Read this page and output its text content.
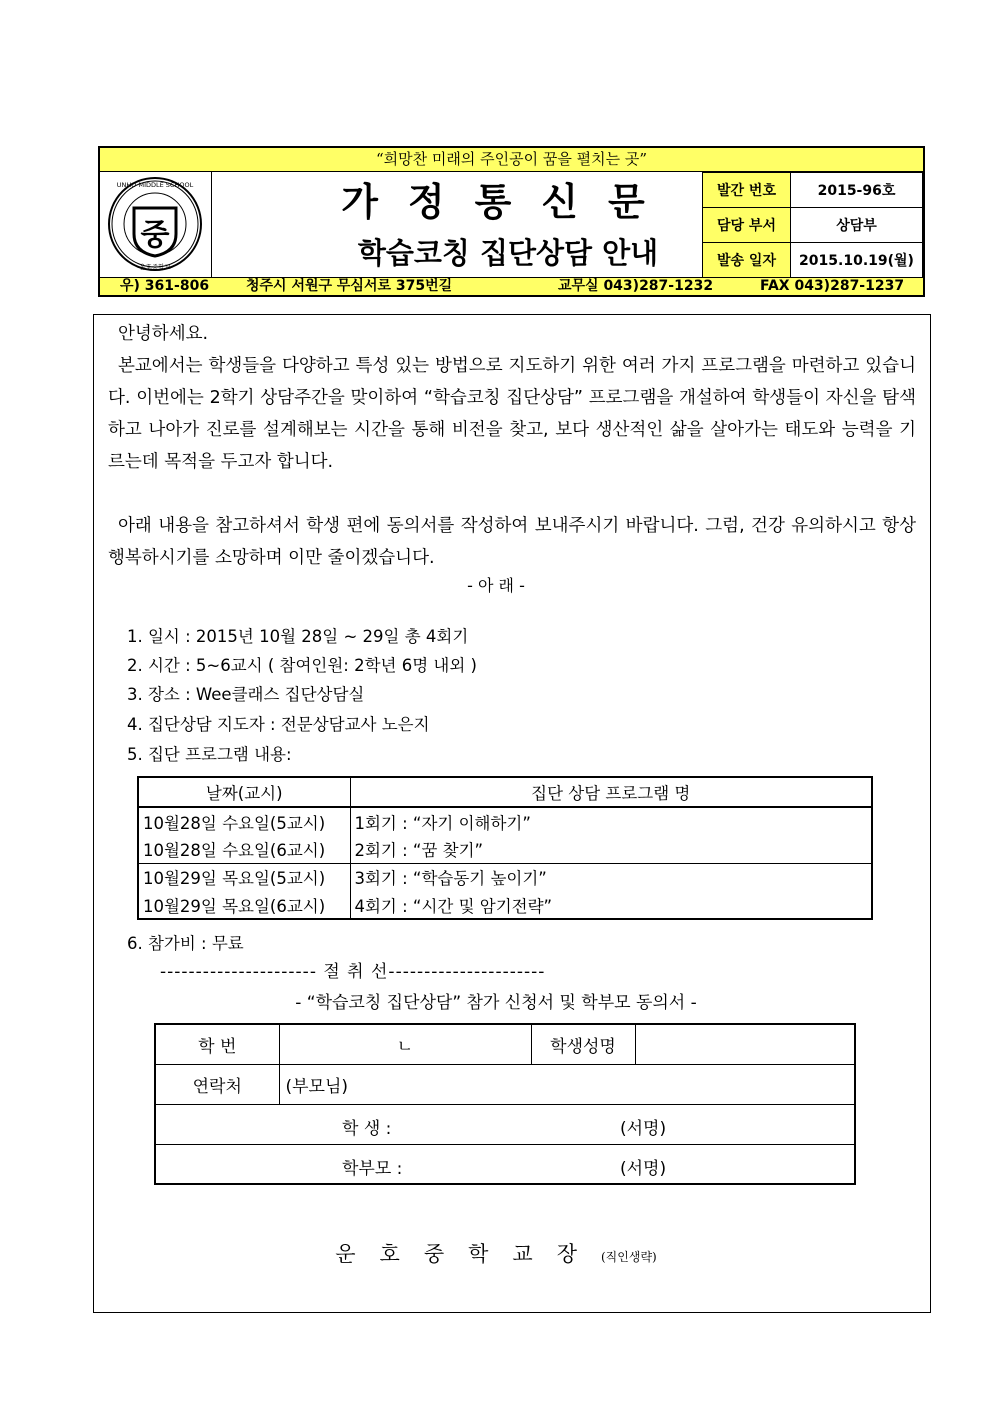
“희망찬 미래의 주인공이 꿈을 펼치는 곳”
중
UNHO MIDDLE SCHOOL
운호중학교
가정통신문
학습코칭 집단상담 안내
발간 번호	2015-96호
담당 부서	상담부
발송 일자	2015.10.19(월)
우) 361-806	청주시 서원구 무심서로 375번길	교무실 043)287-1232	FAX 043)287-1237
안녕하세요.
본교에서는 학생들을 다양하고 특성 있는 방법으로 지도하기 위한 여러 가지 프로그램을 마련하고 있습니다. 이번에는 2학기 상담주간을 맞이하여 “학습코칭 집단상담” 프로그램을 개설하여 학생들이 자신을 탐색하고 나아가 진로를 설계해보는 시간을 통해 비전을 찾고, 보다 생산적인 삶을 살아가는 태도와 능력을 기르는데 목적을 두고자 합니다.
아래 내용을 참고하셔서 학생 편에 동의서를 작성하여 보내주시기 바랍니다. 그럼, 건강 유의하시고 항상 행복하시기를 소망하며 이만 줄이겠습니다.
- 아 래 -
1. 일시 : 2015년 10월 28일 ~ 29일 총 4회기
2. 시간 : 5~6교시 ( 참여인원: 2학년 6명 내외 )
3. 장소 : Wee클래스 집단상담실
4. 집단상담 지도자 : 전문상담교사 노은지
5. 집단 프로그램 내용:
날짜(교시)	집단 상담 프로그램 명
10월28일 수요일(5교시)	1회기 : “자기 이해하기”
10월28일 수요일(6교시)	2회기 : “꿈 찾기”
10월29일 목요일(5교시)	3회기 : “학습동기 높이기”
10월29일 목요일(6교시)	4회기 : “시간 및 암기전략”
6. 참가비 : 무료
---------------------- 절 취 선----------------------
- “학습코칭 집단상담” 참가 신청서 및 학부모 동의서 -
학 번	ㄴ	학생성명	
연락처	(부모님)		

학 생 : (서명)			

학부모 : (서명)			
운호중학교장(직인생략)
